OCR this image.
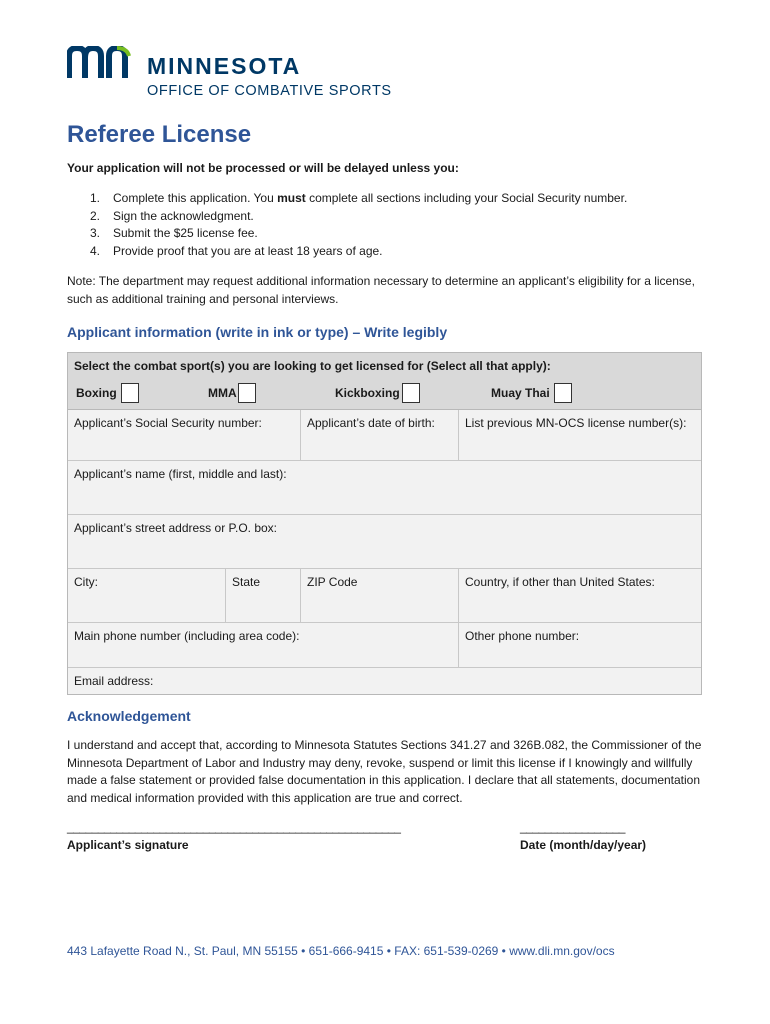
MINNESOTA
OFFICE OF COMBATIVE SPORTS
Referee License
Your application will not be processed or will be delayed unless you:
1.	Complete this application. You must complete all sections including your Social Security number.
2.	Sign the acknowledgment.
3.	Submit the $25 license fee.
4.	Provide proof that you are at least 18 years of age.
Note: The department may request additional information necessary to determine an applicant’s eligibility for a license, such as additional training and personal interviews.
Applicant information (write in ink or type) – Write legibly
Select the combat sport(s) you are looking to get licensed for (Select all that apply):
Boxing	MMA	Kickboxing	Muay Thai
Applicant’s Social Security number:	Applicant’s date of birth:	List previous MN-OCS license number(s):
Applicant’s name (first, middle and last):
Applicant’s street address or P.O. box:
City:	State	ZIP Code	Country, if other than United States:
Main phone number (including area code):	Other phone number:
Email address:
Acknowledgement
I understand and accept that, according to Minnesota Statutes Sections 341.27 and 326B.082, the Commissioner of the Minnesota Department of Labor and Industry may deny, revoke, suspend or limit this license if I knowingly and willfully made a false statement or provided false documentation in this application. I declare that all statements, documentation and medical information provided with this application are true and correct.
______________________________________________________	_________________
Applicant’s signature	Date (month/day/year)
443 Lafayette Road N., St. Paul, MN 55155 • 651-666-9415 • FAX: 651-539-0269 • www.dli.mn.gov/ocs
